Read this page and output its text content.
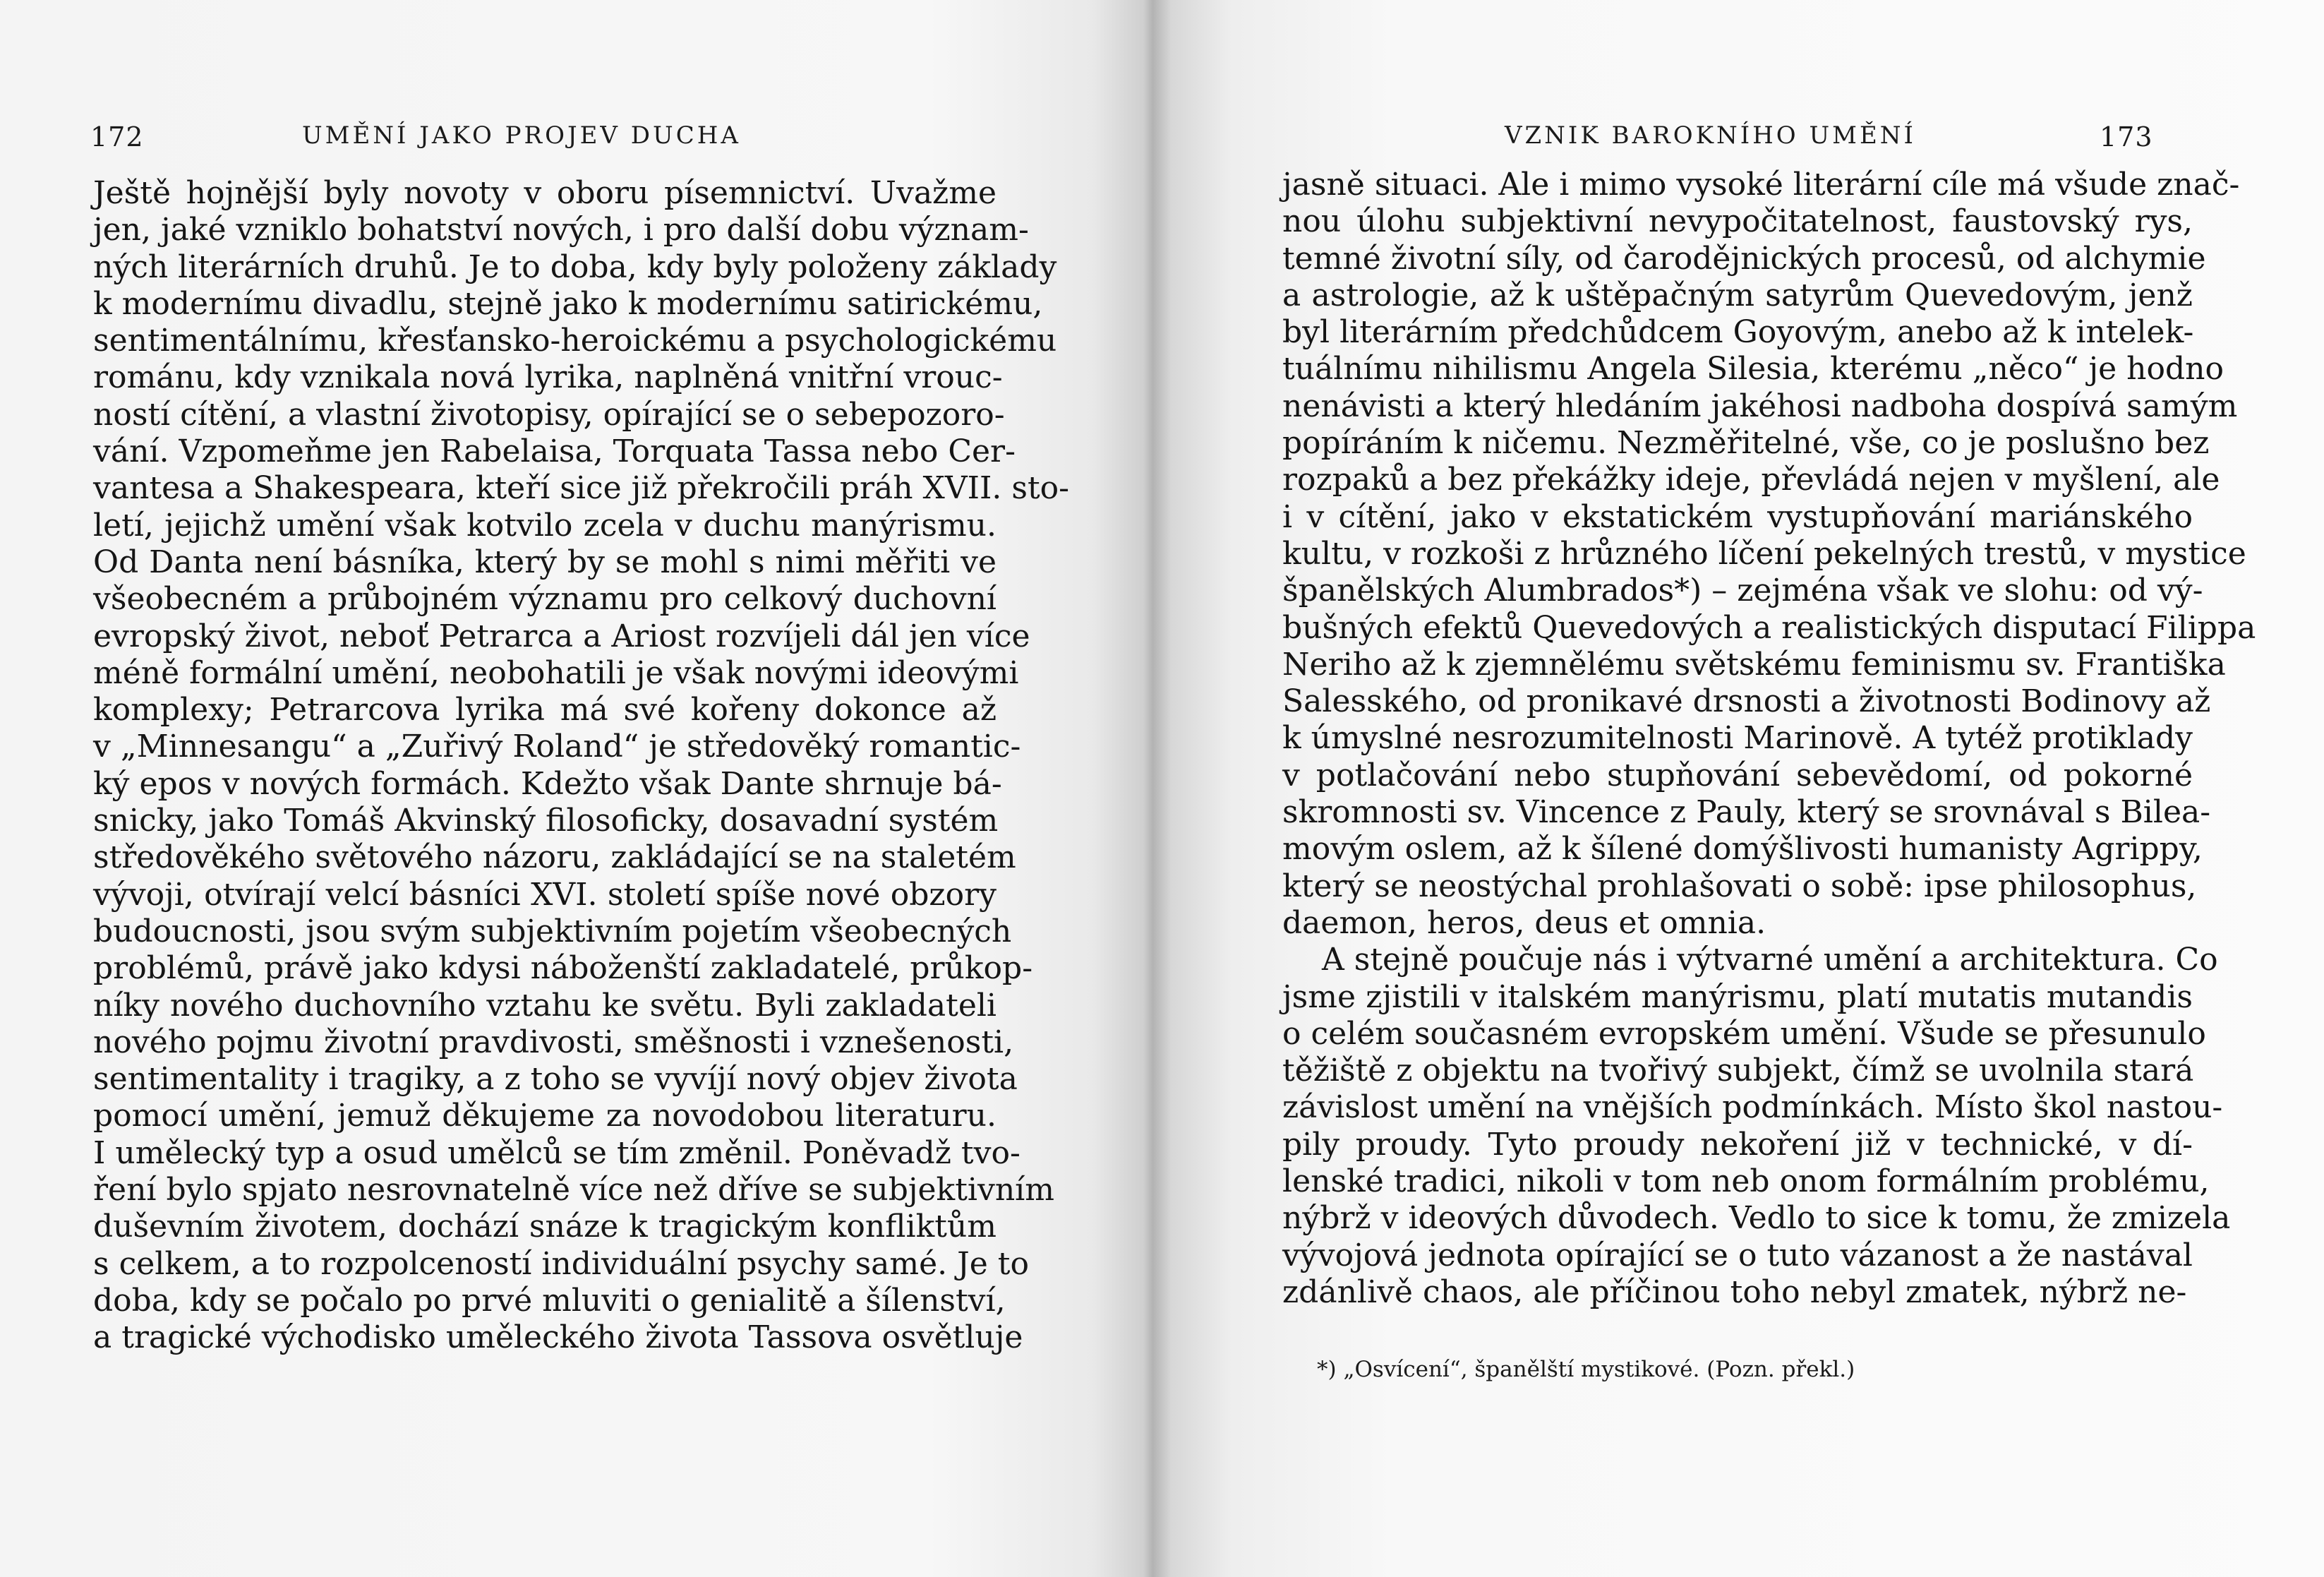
172	UMĚNÍ JAKO PROJEV DUCHA
Ještě hojnější byly novoty v oboru písemnictví. Uvažme
jen, jaké vzniklo bohatství nových, i pro další dobu význam-
ných literárních druhů. Je to doba, kdy byly položeny základy
k modernímu divadlu, stejně jako k modernímu satirickému,
sentimentálnímu, křesťansko-heroickému a psychologickému
románu, kdy vznikala nová lyrika, naplněná vnitřní vrouc-
ností cítění, a vlastní životopisy, opírající se o sebepozoro-
vání. Vzpomeňme jen Rabelaisa, Torquata Tassa nebo Cer-
vantesa a Shakespeara, kteří sice již překročili práh XVII. sto-
letí, jejichž umění však kotvilo zcela v duchu manýrismu.
Od Danta není básníka, který by se mohl s nimi měřiti ve
všeobecném a průbojném významu pro celkový duchovní
evropský život, neboť Petrarca a Ariost rozvíjeli dál jen více
méně formální umění, neobohatili je však novými ideovými
komplexy; Petrarcova lyrika má své kořeny dokonce až
v „Minnesangu“ a „Zuřivý Roland“ je středověký romantic-
ký epos v nových formách. Kdežto však Dante shrnuje bá-
snicky, jako Tomáš Akvinský filosoficky, dosavadní systém
středověkého světového názoru, zakládající se na staletém
vývoji, otvírají velcí básníci XVI. století spíše nové obzory
budoucnosti, jsou svým subjektivním pojetím všeobecných
problémů, právě jako kdysi náboženští zakladatelé, průkop-
níky nového duchovního vztahu ke světu. Byli zakladateli
nového pojmu životní pravdivosti, směšnosti i vznešenosti,
sentimentality i tragiky, a z toho se vyvíjí nový objev života
pomocí umění, jemuž děkujeme za novodobou literaturu.
I umělecký typ a osud umělců se tím změnil. Poněvadž tvo-
ření bylo spjato nesrovnatelně více než dříve se subjektivním
duševním životem, dochází snáze k tragickým konfliktům
s celkem, a to rozpolceností individuální psychy samé. Je to
doba, kdy se počalo po prvé mluviti o genialitě a šílenství,
a tragické východisko uměleckého života Tassova osvětluje
VZNIK BAROKNÍHO UMĚNÍ	173
jasně situaci. Ale i mimo vysoké literární cíle má všude znač-
nou úlohu subjektivní nevypočitatelnost, faustovský rys,
temné životní síly, od čarodějnických procesů, od alchymie
a astrologie, až k uštěpačným satyrům Quevedovým, jenž
byl literárním předchůdcem Goyovým, anebo až k intelek-
tuálnímu nihilismu Angela Silesia, kterému „něco“ je hodno
nenávisti a který hledáním jakéhosi nadboha dospívá samým
popíráním k ničemu. Nezměřitelné, vše, co je poslušno bez
rozpaků a bez překážky ideje, převládá nejen v myšlení, ale
i v cítění, jako v ekstatickém vystupňování mariánského
kultu, v rozkoši z hrůzného líčení pekelných trestů, v mystice
španělských Alumbrados*) – zejména však ve slohu: od vý-
bušných efektů Quevedových a realistických disputací Filippa
Neriho až k zjemnělému světskému feminismu sv. Františka
Salesského, od pronikavé drsnosti a životnosti Bodinovy až
k úmyslné nesrozumitelnosti Marinově. A tytéž protiklady
v potlačování nebo stupňování sebevědomí, od pokorné
skromnosti sv. Vincence z Pauly, který se srovnával s Bilea-
movým oslem, až k šílené domýšlivosti humanisty Agrippy,
který se neostýchal prohlašovati o sobě: ipse philosophus,
daemon, heros, deus et omnia.
A stejně poučuje nás i výtvarné umění a architektura. Co
jsme zjistili v italském manýrismu, platí mutatis mutandis
o celém současném evropském umění. Všude se přesunulo
těžiště z objektu na tvořivý subjekt, čímž se uvolnila stará
závislost umění na vnějších podmínkách. Místo škol nastou-
pily proudy. Tyto proudy nekoření již v technické, v dí-
lenské tradici, nikoli v tom neb onom formálním problému,
nýbrž v ideových důvodech. Vedlo to sice k tomu, že zmizela
vývojová jednota opírající se o tuto vázanost a že nastával
zdánlivě chaos, ale příčinou toho nebyl zmatek, nýbrž ne-
*) „Osvícení“, španělští mystikové. (Pozn. překl.)
